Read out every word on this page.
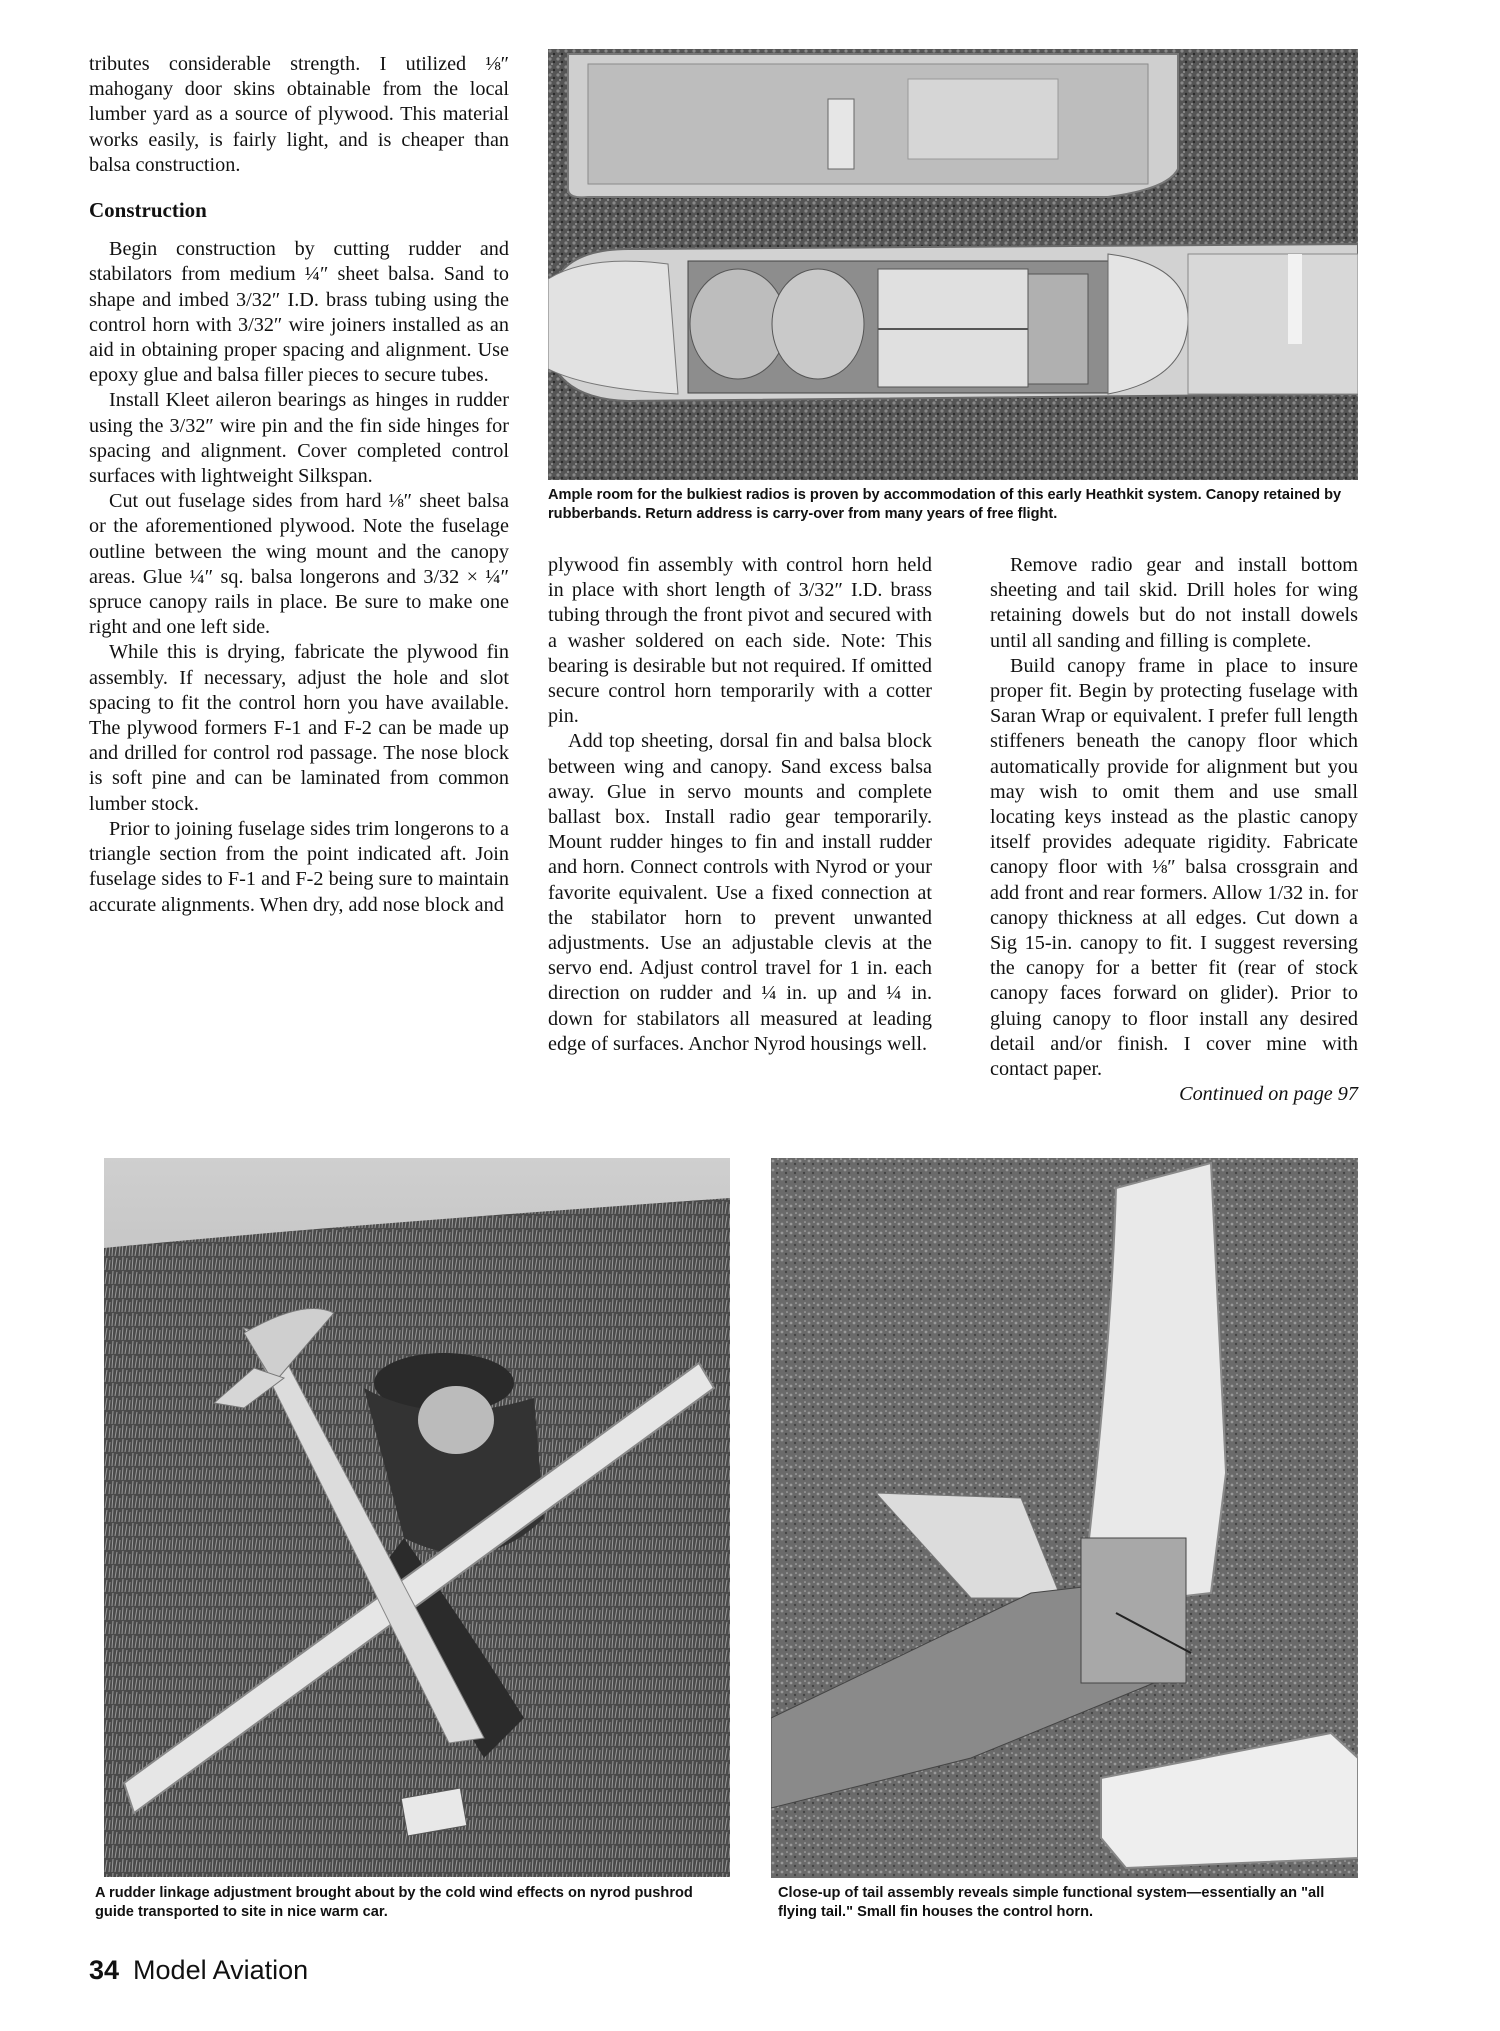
tributes considerable strength. I utilized ⅛″ mahogany door skins obtainable from the local lumber yard as a source of plywood. This material works easily, is fairly light, and is cheaper than balsa construction.

Construction

Begin construction by cutting rudder and stabilators from medium ¼″ sheet balsa. Sand to shape and imbed 3/32″ I.D. brass tubing using the control horn with 3/32″ wire joiners installed as an aid in obtaining proper spacing and alignment. Use epoxy glue and balsa filler pieces to secure tubes.

Install Kleet aileron bearings as hinges in rudder using the 3/32″ wire pin and the fin side hinges for spacing and alignment. Cover completed control surfaces with lightweight Silkspan.

Cut out fuselage sides from hard ⅛″ sheet balsa or the aforementioned plywood. Note the fuselage outline between the wing mount and the canopy areas. Glue ¼″ sq. balsa longerons and 3/32 × ¼″ spruce canopy rails in place. Be sure to make one right and one left side.

While this is drying, fabricate the plywood fin assembly. If necessary, adjust the hole and slot spacing to fit the control horn you have available. The plywood formers F-1 and F-2 can be made up and drilled for control rod passage. The nose block is soft pine and can be laminated from common lumber stock.

Prior to joining fuselage sides trim longerons to a triangle section from the point indicated aft. Join fuselage sides to F-1 and F-2 being sure to maintain accurate alignments. When dry, add nose block and

Ample room for the bulkiest radios is proven by accommodation of this early Heathkit system. Canopy retained by rubberbands. Return address is carry-over from many years of free flight.

plywood fin assembly with control horn held in place with short length of 3/32″ I.D. brass tubing through the front pivot and secured with a washer soldered on each side. Note: This bearing is desirable but not required. If omitted secure control horn temporarily with a cotter pin.

Add top sheeting, dorsal fin and balsa block between wing and canopy. Sand excess balsa away. Glue in servo mounts and complete ballast box. Install radio gear temporarily. Mount rudder hinges to fin and install rudder and horn. Connect controls with Nyrod or your favorite equivalent. Use a fixed connection at the stabilator horn to prevent unwanted adjustments. Use an adjustable clevis at the servo end. Adjust control travel for 1 in. each direction on rudder and ¼ in. up and ¼ in. down for stabilators all measured at leading edge of surfaces. Anchor Nyrod housings well.

Remove radio gear and install bottom sheeting and tail skid. Drill holes for wing retaining dowels but do not install dowels until all sanding and filling is complete.

Build canopy frame in place to insure proper fit. Begin by protecting fuselage with Saran Wrap or equivalent. I prefer full length stiffeners beneath the canopy floor which automatically provide for alignment but you may wish to omit them and use small locating keys instead as the plastic canopy itself provides adequate rigidity. Fabricate canopy floor with ⅛″ balsa crossgrain and add front and rear formers. Allow 1/32 in. for canopy thickness at all edges. Cut down a Sig 15-in. canopy to fit. I suggest reversing the canopy for a better fit (rear of stock canopy faces forward on glider). Prior to gluing canopy to floor install any desired detail and/or finish. I cover mine with contact paper.

Continued on page 97
A rudder linkage adjustment brought about by the cold wind effects on nyrod pushrod guide transported to site in nice warm car.
Close-up of tail assembly reveals simple functional system—essentially an "all flying tail." Small fin houses the control horn.
34 Model Aviation
